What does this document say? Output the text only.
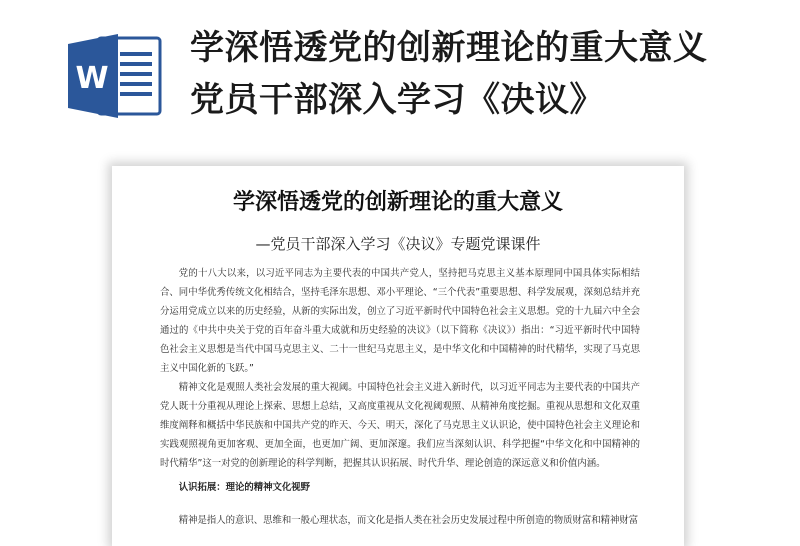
W
学深悟透党的创新理论的重大意义 党员干部深入学习《决议》
学深悟透党的创新理论的重大意义

—党员干部深入学习《决议》专题党课课件

党的十八大以来，以习近平同志为主要代表的中国共产党人，坚持把马克思主义基本原理同中国具体实际相结合、同中华优秀传统文化相结合，坚持毛泽东思想、邓小平理论、“三个代表”重要思想、科学发展观，深刻总结并充分运用党成立以来的历史经验，从新的实际出发，创立了习近平新时代中国特色社会主义思想。党的十九届六中全会通过的《中共中央关于党的百年奋斗重大成就和历史经验的决议》（以下简称《决议》）指出：“习近平新时代中国特色社会主义思想是当代中国马克思主义、二十一世纪马克思主义，是中华文化和中国精神的时代精华，实现了马克思主义中国化新的飞跃。”

精神文化是观照人类社会发展的重大视阈。中国特色社会主义进入新时代，以习近平同志为主要代表的中国共产党人既十分重视从理论上探索、思想上总结，又高度重视从文化视阈观照、从精神角度挖掘。重视从思想和文化双重维度阐释和概括中华民族和中国共产党的昨天、今天、明天，深化了马克思主义认识论，使中国特色社会主义理论和实践观照视角更加客观、更加全面，也更加广阔、更加深邃。我们应当深刻认识、科学把握“中华文化和中国精神的时代精华”这一对党的创新理论的科学判断，把握其认识拓展、时代升华、理论创造的深远意义和价值内涵。

认识拓展：理论的精神文化视野

精神是指人的意识、思维和一般心理状态，而文化是指人类在社会历史发展过程中所创造的物质财富和精神财富
